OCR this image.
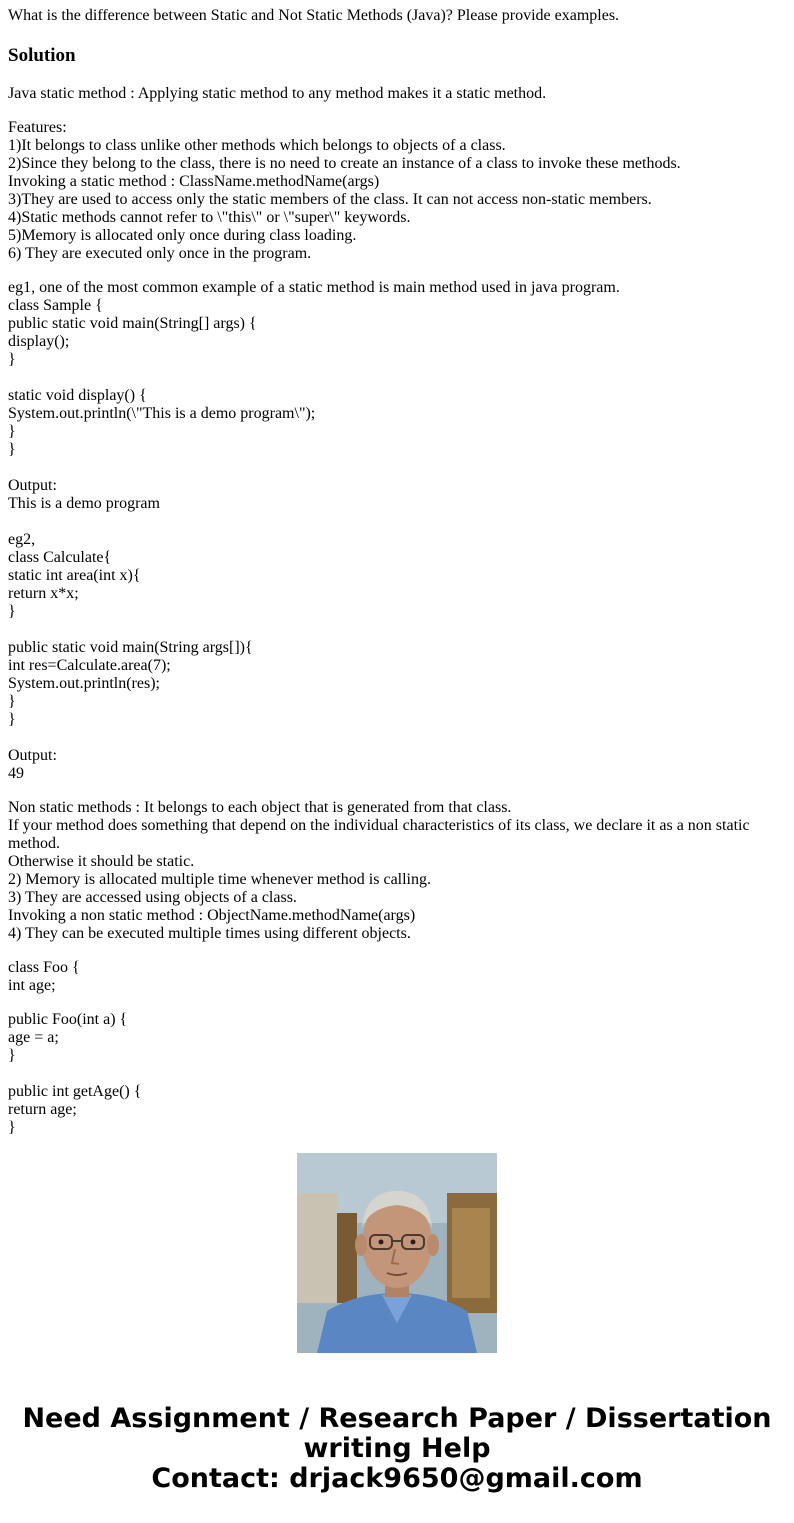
What is the difference between Static and Not Static Methods (Java)? Please provide examples.

Solution

Java static method : Applying static method to any method makes it a static method.

Features:
1)It belongs to class unlike other methods which belongs to objects of a class.
2)Since they belong to the class, there is no need to create an instance of a class to invoke these methods.
Invoking a static method : ClassName.methodName(args)
3)They are used to access only the static members of the class. It can not access non-static members.
4)Static methods cannot refer to \"this\" or \"super\" keywords.
5)Memory is allocated only once during class loading.
6) They are executed only once in the program.
eg1, one of the most common example of a static method is main method used in java program.
class Sample {
public static void main(String[] args) {
display();
}
static void display() {
System.out.println(\"This is a demo program\");
}
}
Output:
This is a demo program
eg2,
class Calculate{
static int area(int x){
return x*x;
}
public static void main(String args[]){
int res=Calculate.area(7);
System.out.println(res);
}
}
Output:
49
Non static methods : It belongs to each object that is generated from that class.
If your method does something that depend on the individual characteristics of its class, we declare it as a non static method.
Otherwise it should be static.
2) Memory is allocated multiple time whenever method is calling.
3) They are accessed using objects of a class.
Invoking a non static method : ObjectName.methodName(args)
4) They can be executed multiple times using different objects.
class Foo {
int age;
public Foo(int a) {
age = a;
}
public int getAge() {
return age;
}
Need Assignment / Research Paper / Dissertation
writing Help
Contact: drjack9650@gmail.com
